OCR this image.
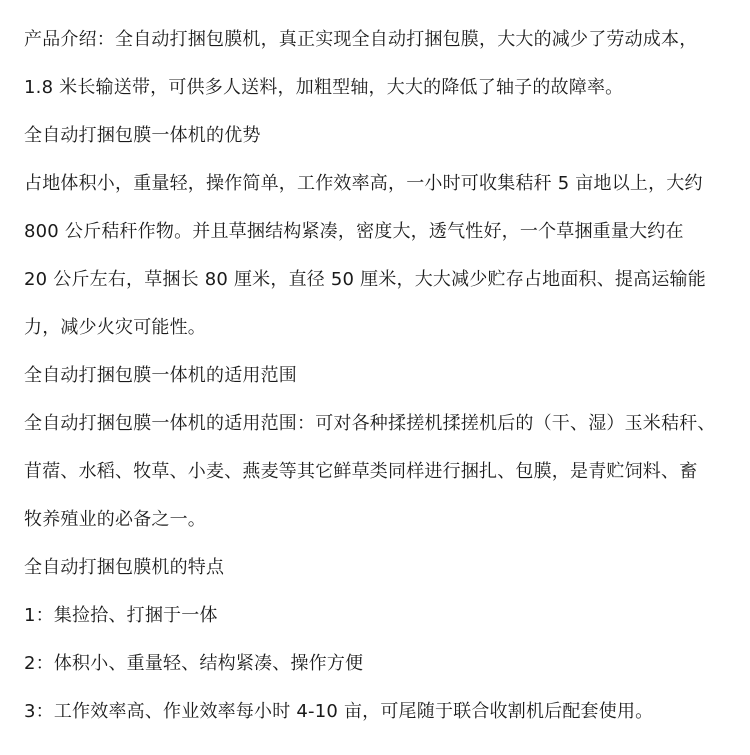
产品介绍：全自动打捆包膜机，真正实现全自动打捆包膜，大大的减少了劳动成本，
1.8 米长输送带，可供多人送料，加粗型轴，大大的降低了轴子的故障率。
全自动打捆包膜一体机的优势
占地体积小，重量轻，操作简单，工作效率高，一小时可收集秸秆 5 亩地以上，大约
800 公斤秸秆作物。并且草捆结构紧凑，密度大，透气性好，一个草捆重量大约在
20 公斤左右，草捆长 80 厘米，直径 50 厘米，大大减少贮存占地面积、提高运输能
力，减少火灾可能性。
全自动打捆包膜一体机的适用范围
全自动打捆包膜一体机的适用范围：可对各种揉搓机揉搓机后的（干、湿）玉米秸秆、
苜蓿、水稻、牧草、小麦、燕麦等其它鲜草类同样进行捆扎、包膜，是青贮饲料、畜
牧养殖业的必备之一。
全自动打捆包膜机的特点
1：集捡拾、打捆于一体
2：体积小、重量轻、结构紧凑、操作方便
3：工作效率高、作业效率每小时 4-10 亩，可尾随于联合收割机后配套使用。
